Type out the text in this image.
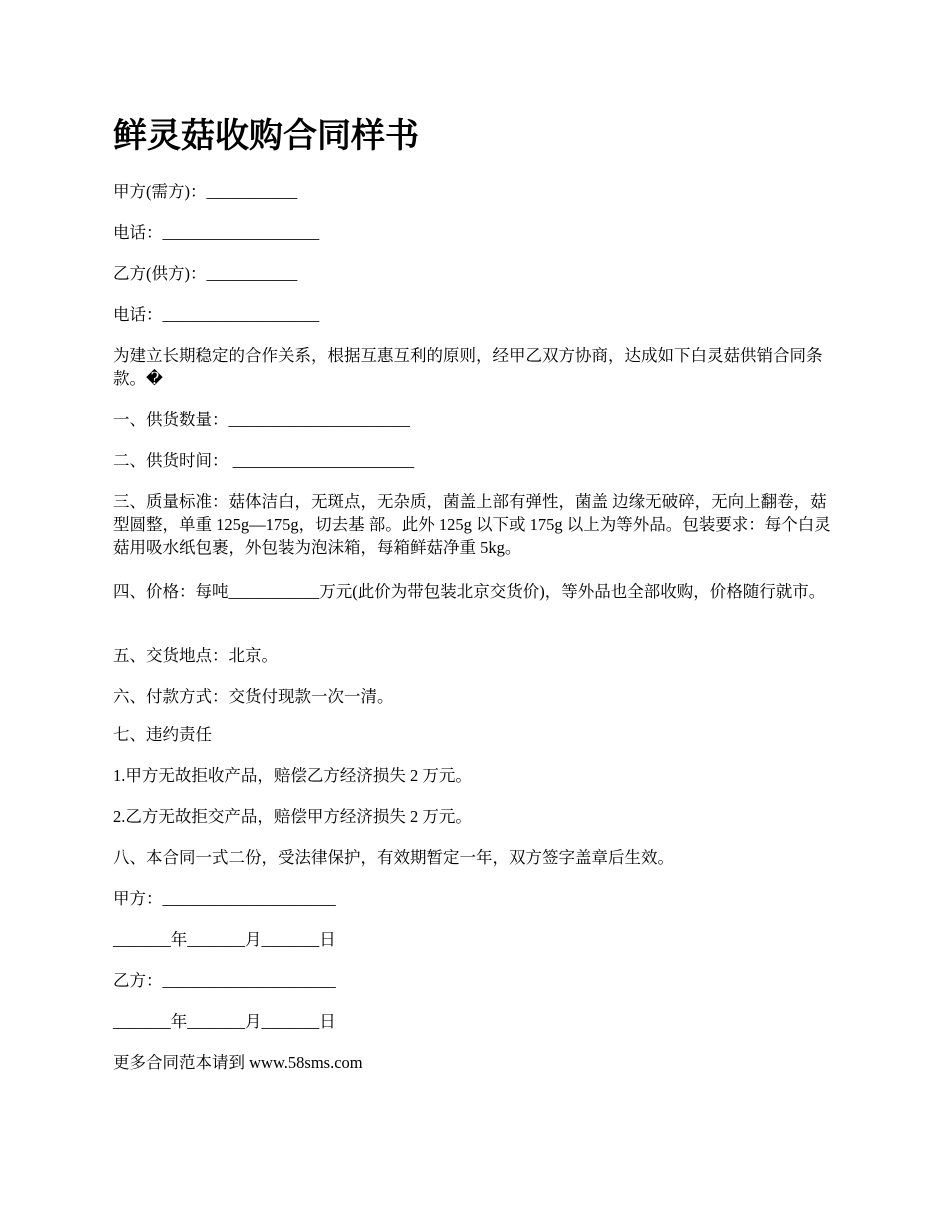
鲜灵菇收购合同样书

甲方(需方)：___________

电话：___________________

乙方(供方)：___________

电话：___________________

为建立长期稳定的合作关系，根据互惠互利的原则，经甲乙双方协商，达成如下白灵菇供销合同条款。�

一、供货数量：______________________

二、供货时间： ______________________

三、质量标准：菇体洁白，无斑点，无杂质，菌盖上部有弹性，菌盖 边缘无破碎，无向上翻卷，菇型圆整，单重 125g—175g，切去基 部。此外 125g 以下或 175g 以上为等外品。包装要求：每个白灵 菇用吸水纸包裹，外包装为泡沫箱，每箱鲜菇净重 5kg。

四、价格：每吨___________万元(此价为带包装北京交货价)，等外品也全部收购，价格随行就市。

五、交货地点：北京。

六、付款方式：交货付现款一次一清。

七、违约责任

1.甲方无故拒收产品，赔偿乙方经济损失 2 万元。

2.乙方无故拒交产品，赔偿甲方经济损失 2 万元。

八、本合同一式二份，受法律保护，有效期暂定一年，双方签字盖章后生效。

甲方：_____________________

_______年_______月_______日

乙方：_____________________

_______年_______月_______日

更多合同范本请到 www.58sms.com
